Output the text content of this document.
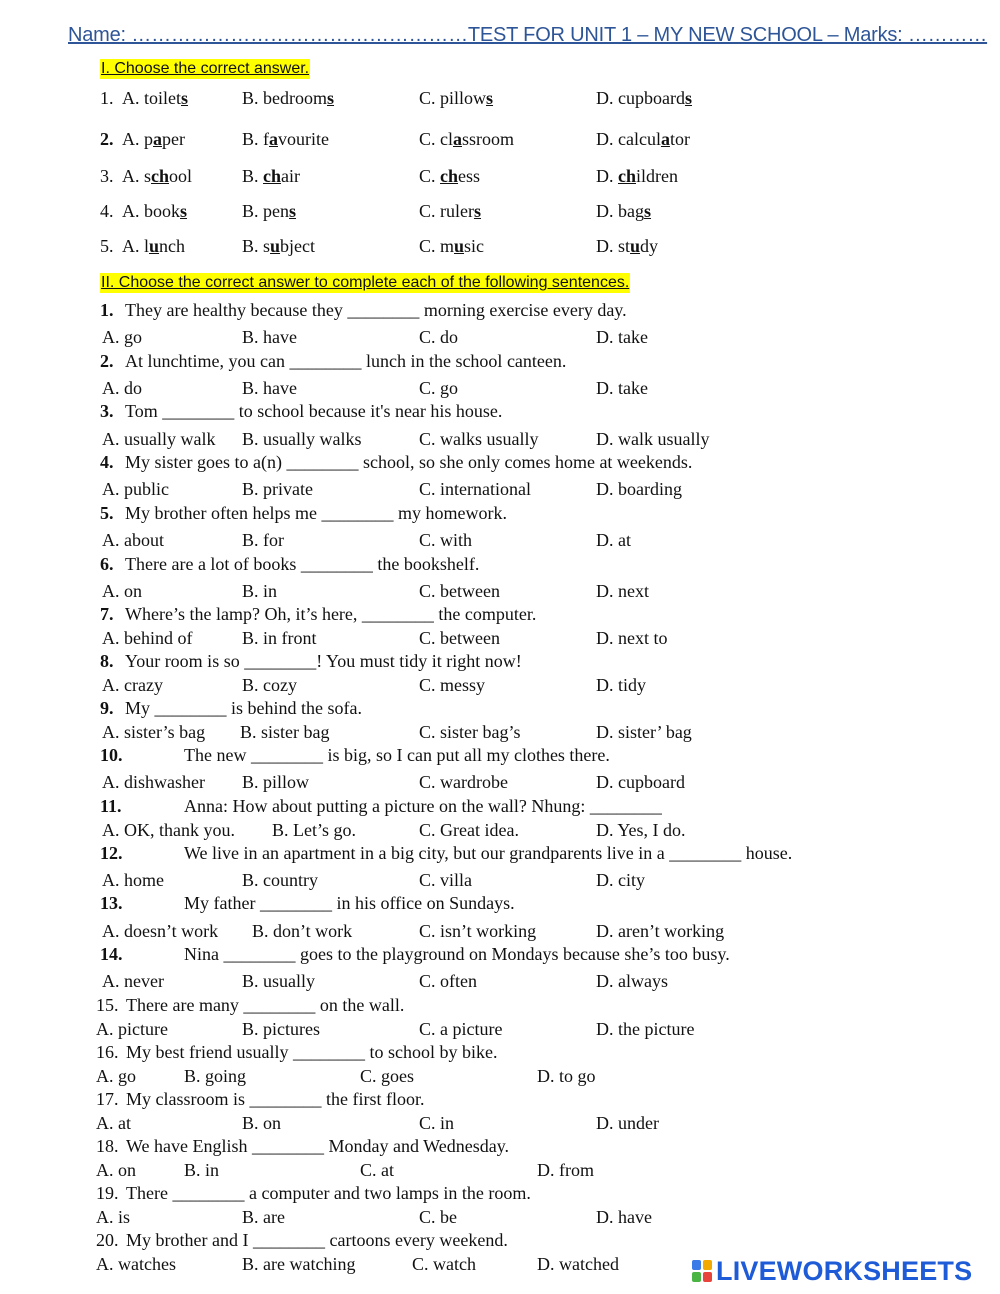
Name: ……………………………………………TEST FOR UNIT 1 – MY NEW SCHOOL – Marks: …………
I. Choose the correct answer.
1. A. toilets	B. bedrooms	C. pillows	D. cupboards
2. A. paper	B. favourite	C. classroom	D. calculator
3. A. school	B. chair	C. chess	D. children
4. A. books	B. pens	C. rulers	D. bags
5. A. lunch	B. subject	C. music	D. study
II. Choose the correct answer to complete each of the following sentences.
1. They are healthy because they ________ morning exercise every day.
A. go	B. have	C. do	D. take
2. At lunchtime, you can ________ lunch in the school canteen.
A. do	B. have	C. go	D. take
3. Tom ________ to school because it's near his house.
A. usually walk B. usually walks	C. walks usually	D. walk usually
4. My sister goes to a(n) ________ school, so she only comes home at weekends.
A. public	B. private	C. international	D. boarding
5. My brother often helps me ________ my homework.
A. about	B. for	C. with	D. at
6. There are a lot of books ________ the bookshelf.
A. on	B. in	C. between	D. next
7. Where’s the lamp? Oh, it’s here, ________ the computer.
A. behind of	B. in front	C. between	D. next to
8. Your room is so ________! You must tidy it right now!
A. crazy	B. cozy	C. messy	D. tidy
9. My ________ is behind the sofa.
A. sister’s bag B. sister bag	C. sister bag’s	D. sister’ bag
10.	The new ________ is big, so I can put all my clothes there.
A. dishwasher B. pillow	C. wardrobe	D. cupboard
11.	Anna: How about putting a picture on the wall? Nhung: ________
A. OK, thank you. B. Let’s go.	C. Great idea.	D. Yes, I do.
12.	We live in an apartment in a big city, but our grandparents live in a ________ house.
A. home	B. country	C. villa	D. city
13.	My father ________ in his office on Sundays.
A. doesn’t work B. don’t work	C. isn’t working	D. aren’t working
14.	Nina ________ goes to the playground on Mondays because she’s too busy.
A. never	B. usually	C. often	D. always
15. There are many ________ on the wall.
A. picture	B. pictures	C. a picture	D. the picture
16. My best friend usually ________ to school by bike.
A. go	B. going	C. goes	D. to go
17. My classroom is ________ the first floor.
A. at	B. on	C. in	D. under
18. We have English ________ Monday and Wednesday.
A. on	B. in	C. at	D. from
19. There ________ a computer and two lamps in the room.
A. is	B. are	C. be	D. have
20. My brother and I ________ cartoons every weekend.
A. watches	B. are watching	C. watch	D. watched	LIVEWORKSHEETS
